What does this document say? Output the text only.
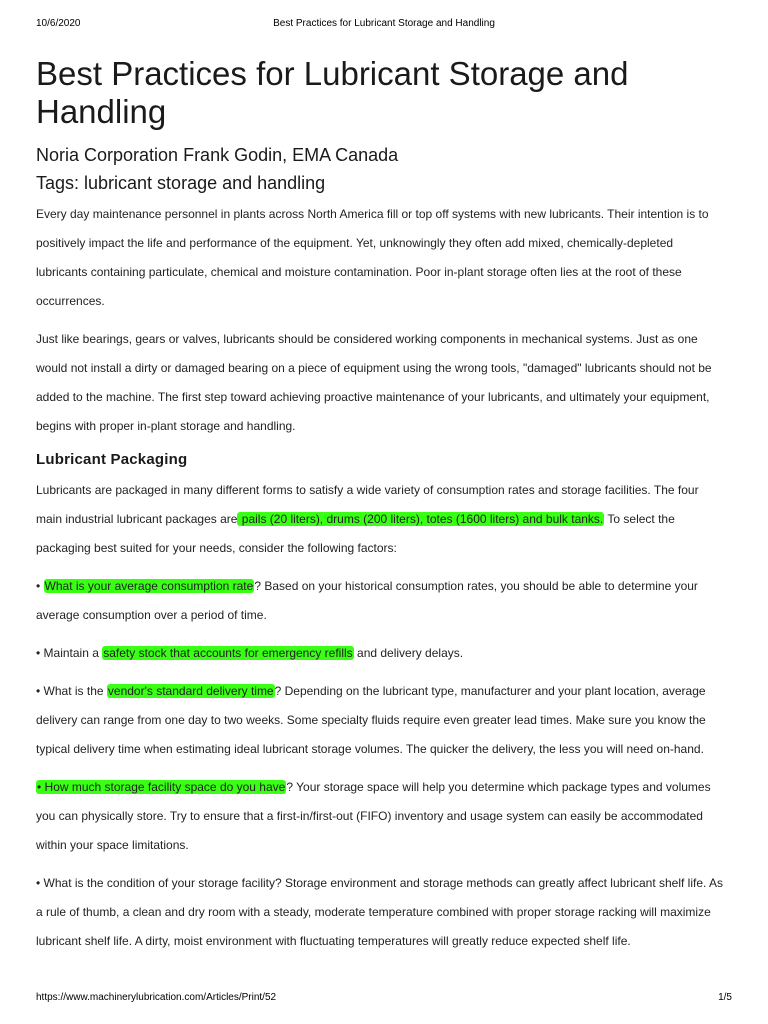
10/6/2020	Best Practices for Lubricant Storage and Handling
Best Practices for Lubricant Storage and Handling
Noria Corporation Frank Godin, EMA Canada
Tags: lubricant storage and handling

Every day maintenance personnel in plants across North America fill or top off systems with new lubricants. Their intention is to positively impact the life and performance of the equipment. Yet, unknowingly they often add mixed, chemically-depleted lubricants containing particulate, chemical and moisture contamination. Poor in-plant storage often lies at the root of these occurrences.

Just like bearings, gears or valves, lubricants should be considered working components in mechanical systems. Just as one would not install a dirty or damaged bearing on a piece of equipment using the wrong tools, "damaged" lubricants should not be added to the machine. The first step toward achieving proactive maintenance of your lubricants, and ultimately your equipment, begins with proper in-plant storage and handling.

Lubricant Packaging

Lubricants are packaged in many different forms to satisfy a wide variety of consumption rates and storage facilities. The four main industrial lubricant packages are pails (20 liters), drums (200 liters), totes (1600 liters) and bulk tanks. To select the packaging best suited for your needs, consider the following factors:

• What is your average consumption rate? Based on your historical consumption rates, you should be able to determine your average consumption over a period of time.

• Maintain a safety stock that accounts for emergency refills and delivery delays.

• What is the vendor's standard delivery time? Depending on the lubricant type, manufacturer and your plant location, average delivery can range from one day to two weeks. Some specialty fluids require even greater lead times. Make sure you know the typical delivery time when estimating ideal lubricant storage volumes. The quicker the delivery, the less you will need on-hand.

• How much storage facility space do you have? Your storage space will help you determine which package types and volumes you can physically store. Try to ensure that a first-in/first-out (FIFO) inventory and usage system can easily be accommodated within your space limitations.

• What is the condition of your storage facility? Storage environment and storage methods can greatly affect lubricant shelf life. As a rule of thumb, a clean and dry room with a steady, moderate temperature combined with proper storage racking will maximize lubricant shelf life. A dirty, moist environment with fluctuating temperatures will greatly reduce expected shelf life.

https://www.machinerylubrication.com/Articles/Print/52	1/5
